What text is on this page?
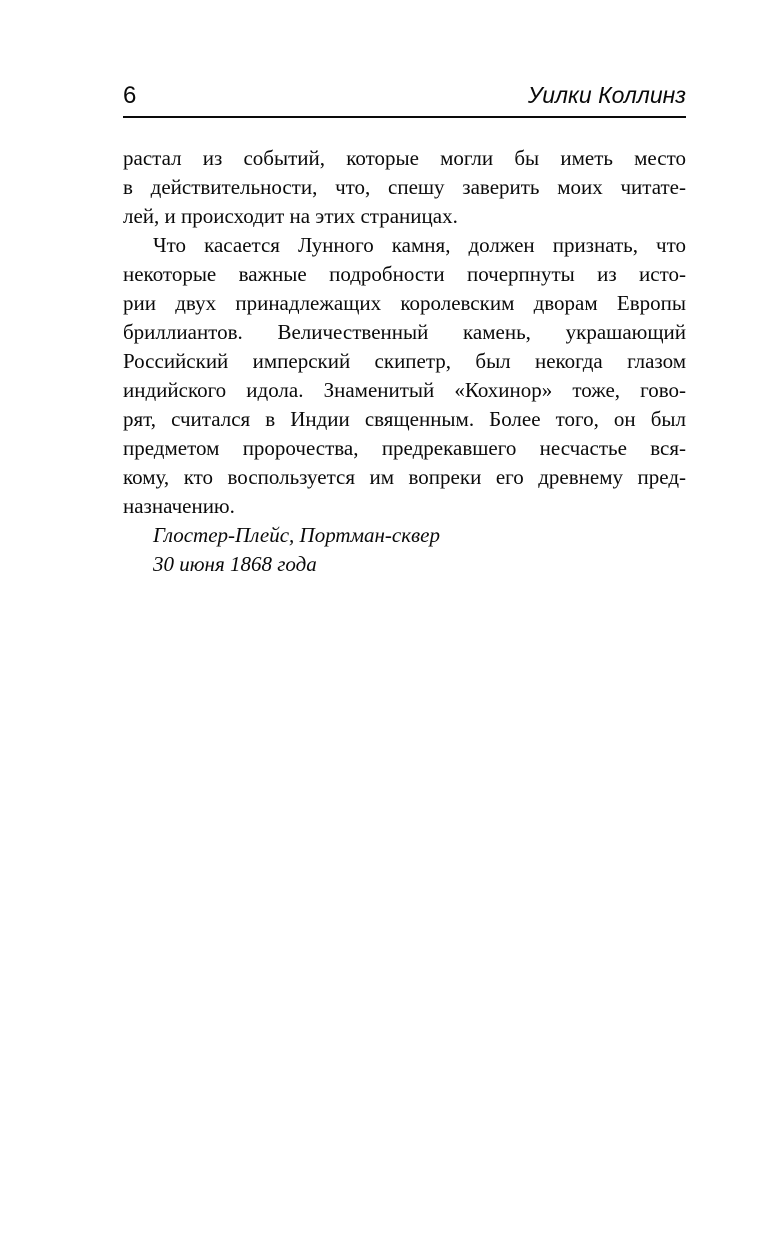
6	Уилки Коллинз
растал из событий, которые могли бы иметь место
в действительности, что, спешу заверить моих читате-
лей, и происходит на этих страницах.
Что касается Лунного камня, должен признать, что
некоторые важные подробности почерпнуты из исто-
рии двух принадлежащих королевским дворам Европы
бриллиантов. Величественный камень, украшающий
Российский имперский скипетр, был некогда глазом
индийского идола. Знаменитый «Кохинор» тоже, гово-
рят, считался в Индии священным. Более того, он был
предметом пророчества, предрекавшего несчастье вся-
кому, кто воспользуется им вопреки его древнему пред-
назначению.
Глостер-Плейс, Портман-сквер
30 июня 1868 года
